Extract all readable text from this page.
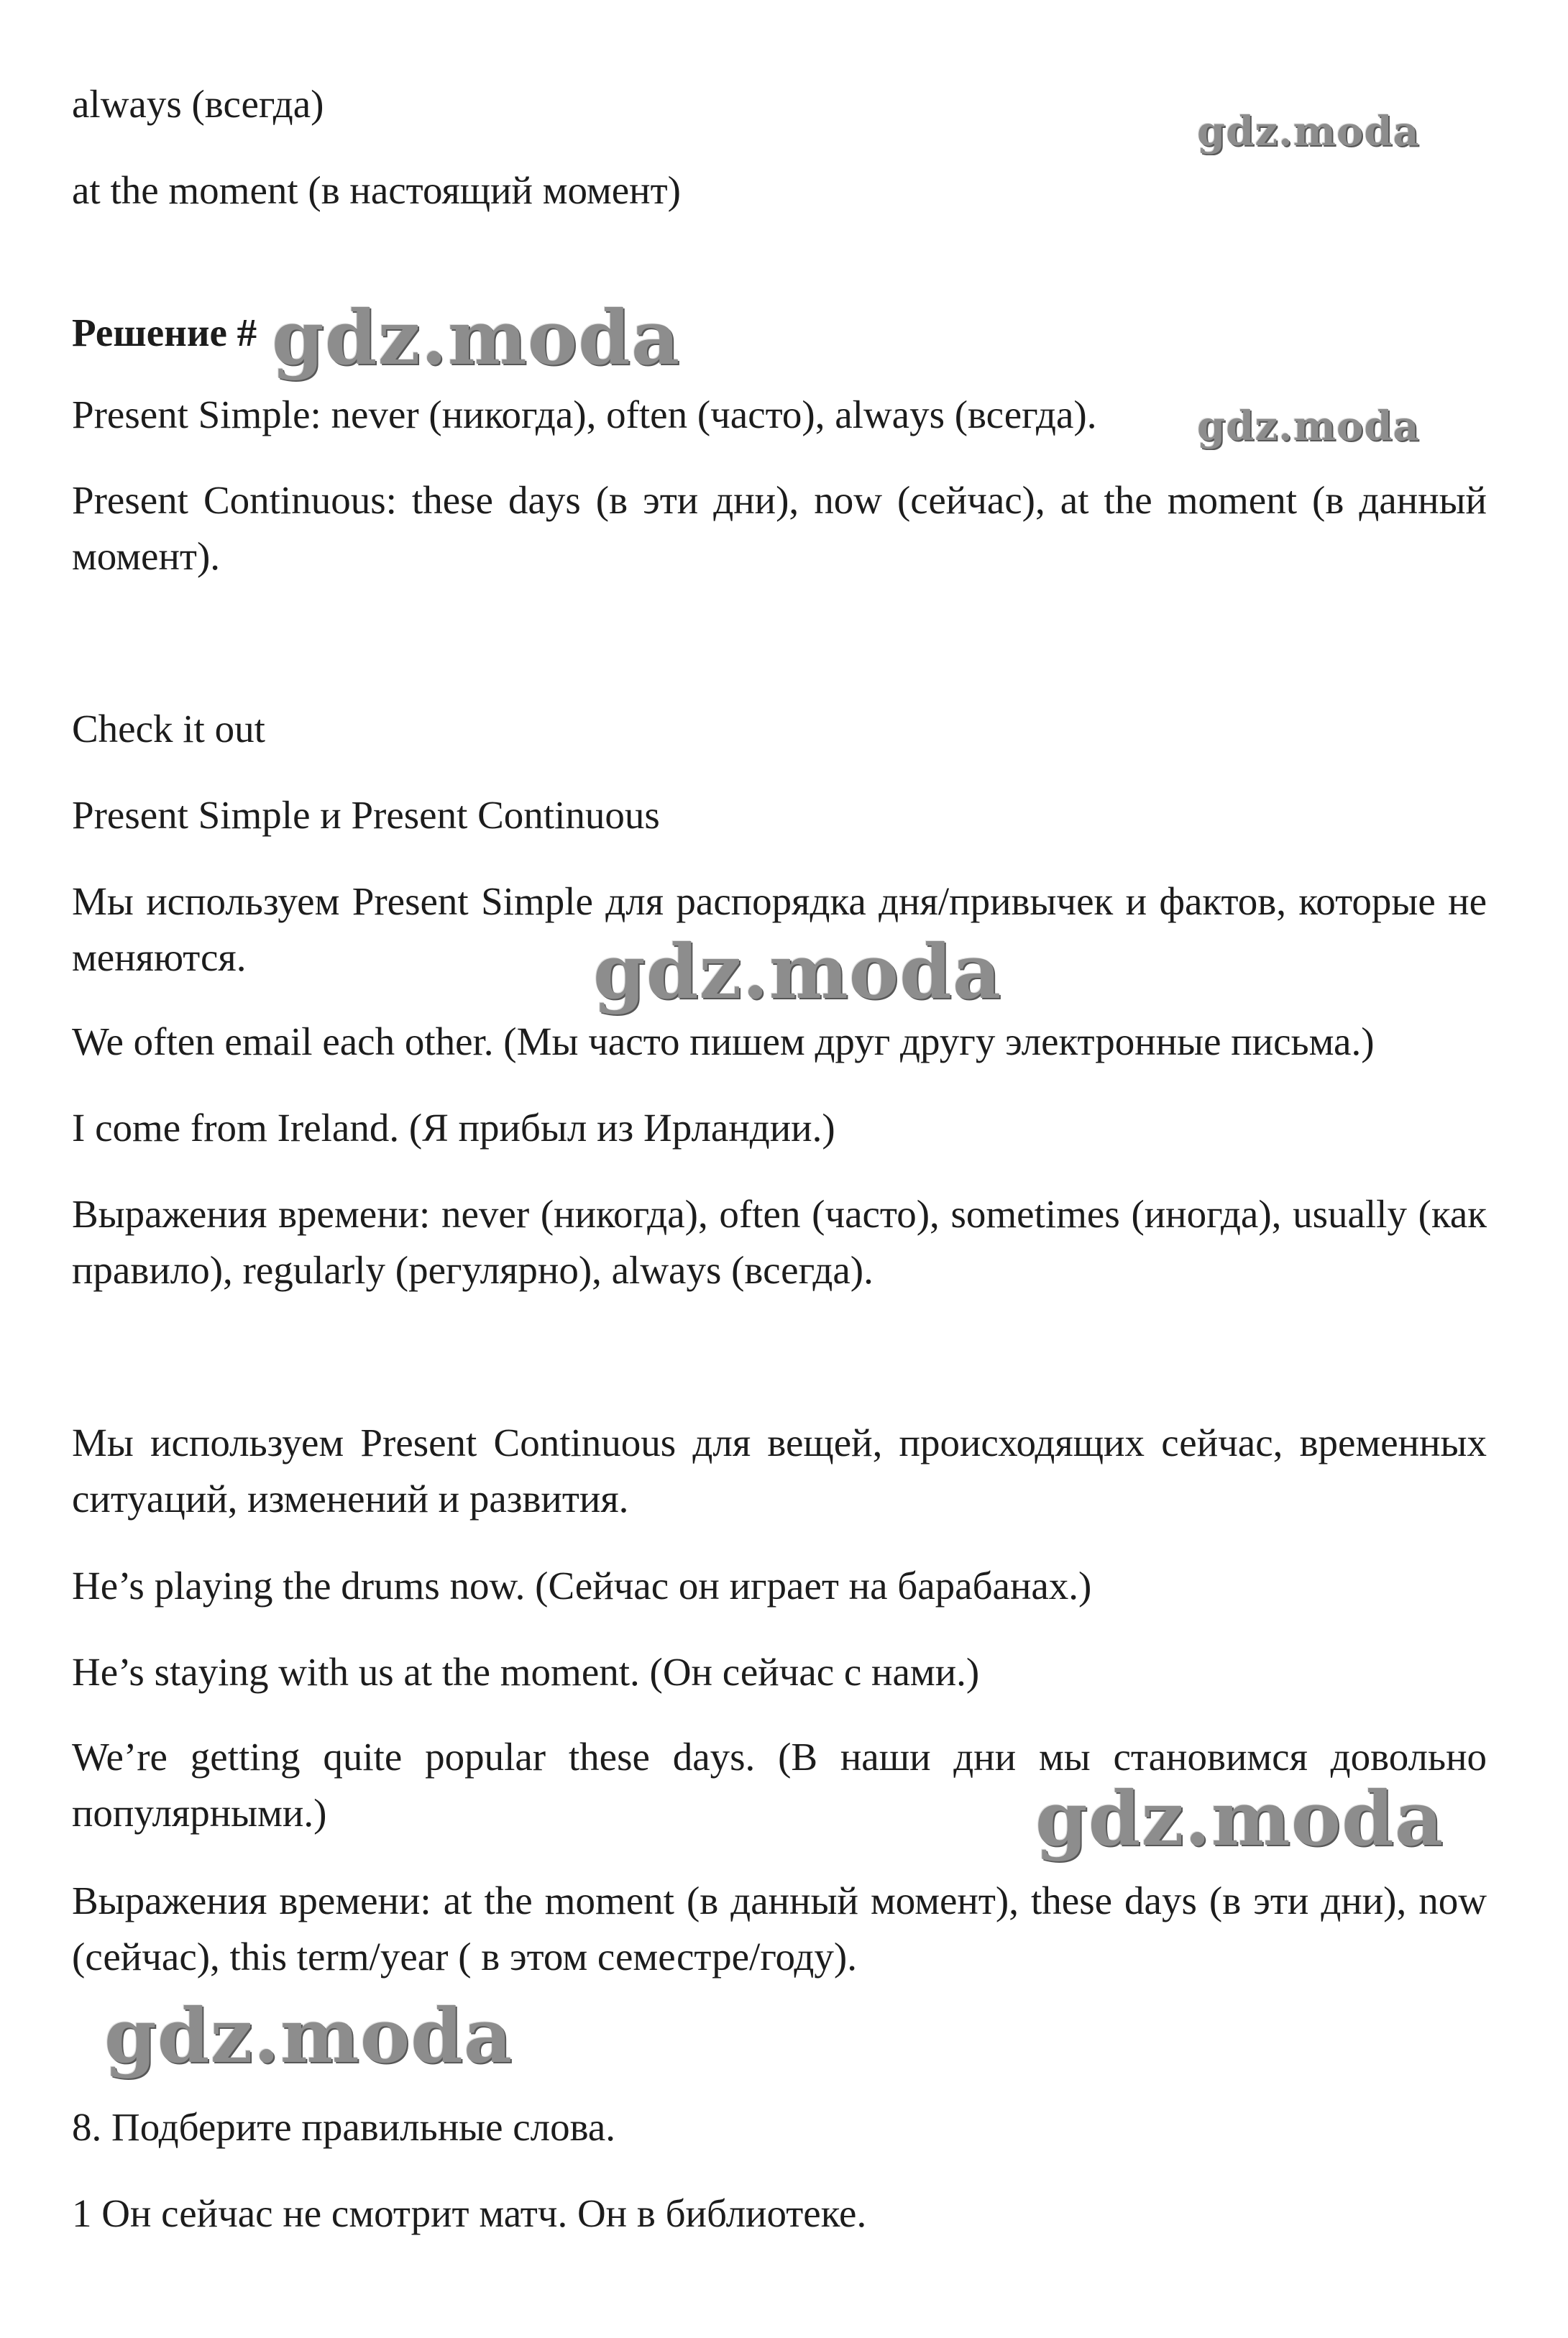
always (всегда)
at the moment (в настоящий момент)
Решение #
Present Simple: never (никогда), often (часто), always (всегда).
Present Continuous: these days (в эти дни), now (сейчас), at the moment (в данный момент).
Check it out
Present Simple и Present Continuous
Мы используем Present Simple для распорядка дня/привычек и фактов, которые не меняются.
We often email each other. (Мы часто пишем друг другу электронные письма.)
I come from Ireland. (Я прибыл из Ирландии.)
Выражения времени: never (никогда), often (часто), sometimes (иногда), usually (как правило), regularly (регулярно), always (всегда).
Мы используем Present Continuous для вещей, происходящих сейчас, временных ситуаций, изменений и развития.
He’s playing the drums now. (Сейчас он играет на барабанах.)
He’s staying with us at the moment. (Он сейчас с нами.)
We’re getting quite popular these days. (В наши дни мы становимся довольно популярными.)
Выражения времени: at the moment (в данный момент), these days (в эти дни), now (сейчас), this term/year ( в этом семестре/году).
8. Подберите правильные слова.
1 Он сейчас не смотрит матч. Он в библиотеке.
gdz.moda
gdz.moda
gdz.moda
gdz.moda
gdz.moda
gdz.moda
